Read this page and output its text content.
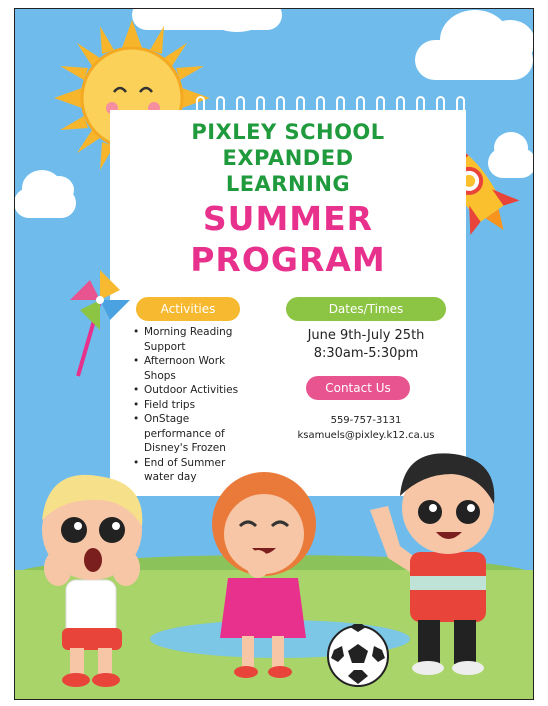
PIXLEY SCHOOL
EXPANDED
LEARNING
SUMMER
PROGRAM
Activities
• Morning Reading
Support
• Afternoon Work
Shops
• Outdoor Activities
• Field trips
• OnStage
performance of
Disney's Frozen
• End of Summer
water day
Dates/Times
June 9th-July 25th
8:30am-5:30pm
Contact Us
559-757-3131
ksamuels@pixley.k12.ca.us
